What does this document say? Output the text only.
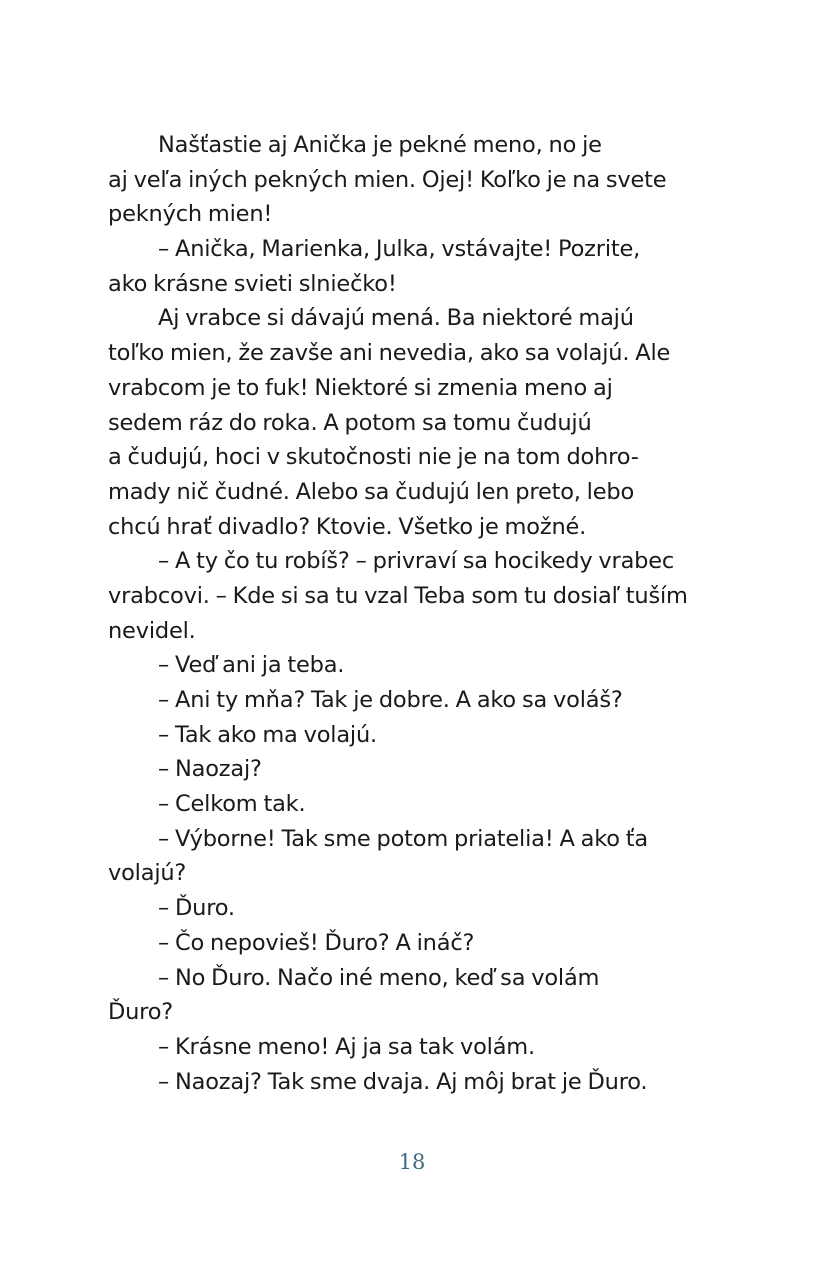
Našťastie aj Anička je pekné meno, no je
aj veľa iných pekných mien. Ojej! Koľko je na svete
pekných mien!
– Anička, Marienka, Julka, vstávajte! Pozrite,
ako krásne svieti slniečko!
Aj vrabce si dávajú mená. Ba niektoré majú
toľko mien, že zavše ani nevedia, ako sa volajú. Ale
vrabcom je to fuk! Niektoré si zmenia meno aj
sedem ráz do roka. A potom sa tomu čudujú
a čudujú, hoci v skutočnosti nie je na tom dohro-
mady nič čudné. Alebo sa čudujú len preto, lebo
chcú hrať divadlo? Ktovie. Všetko je možné.
– A ty čo tu robíš? – privraví sa hocikedy vrabec
vrabcovi. – Kde si sa tu vzal Teba som tu dosiaľ tuším
nevidel.
– Veď ani ja teba.
– Ani ty mňa? Tak je dobre. A ako sa voláš?
– Tak ako ma volajú.
– Naozaj?
– Celkom tak.
– Výborne! Tak sme potom priatelia! A ako ťa
volajú?
– Ďuro.
– Čo nepovieš! Ďuro? A ináč?
– No Ďuro. Načo iné meno, keď sa volám
Ďuro?
– Krásne meno! Aj ja sa tak volám.
– Naozaj? Tak sme dvaja. Aj môj brat je Ďuro.
18
